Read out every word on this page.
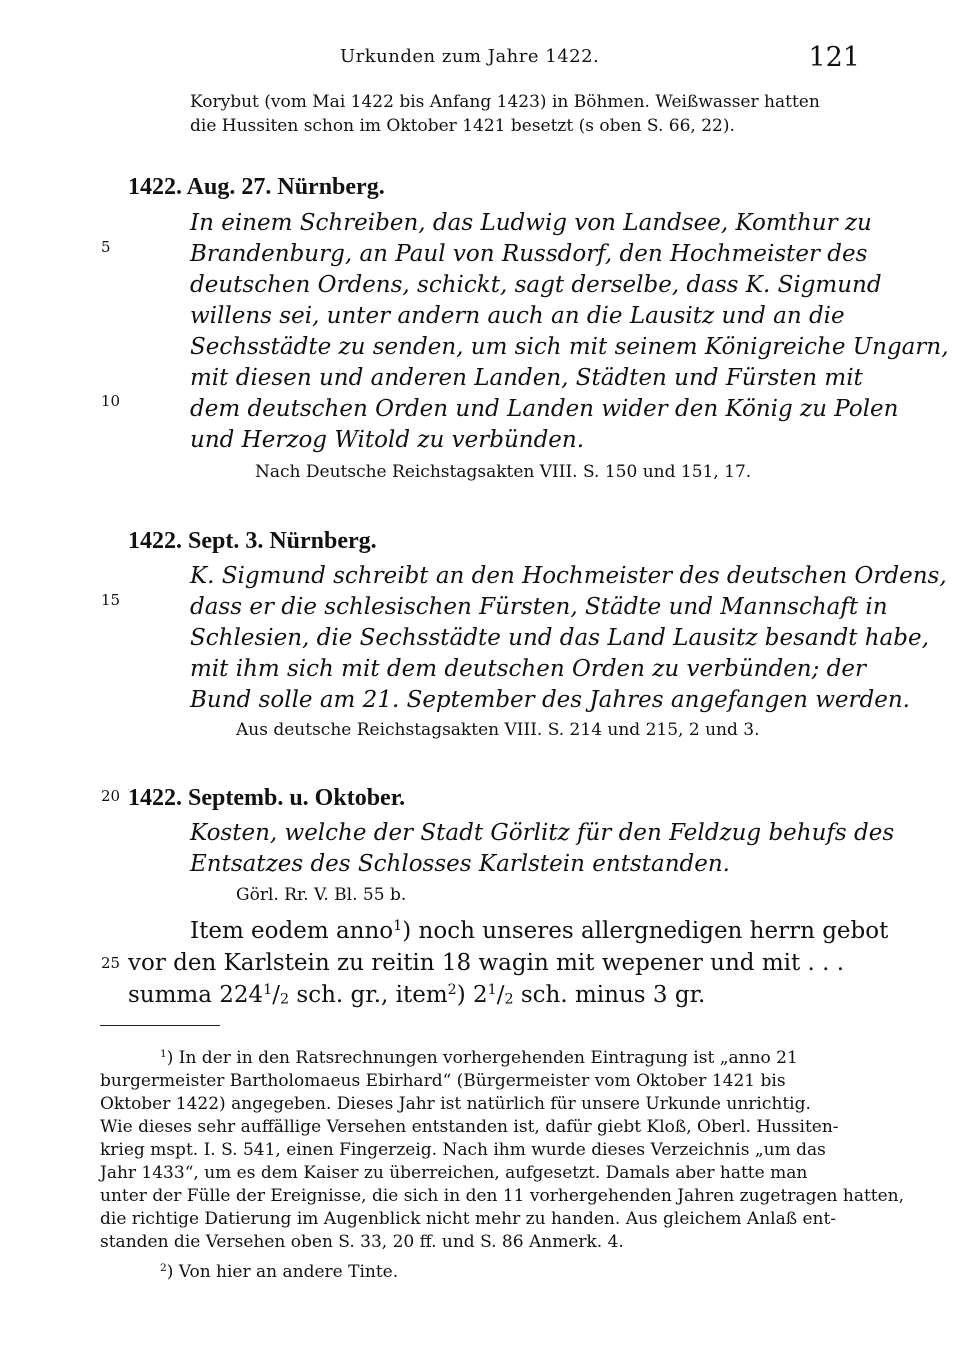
Urkunden zum Jahre 1422.	121
Korybut (vom Mai 1422 bis Anfang 1423) in Böhmen. Weißwasser hatten
die Hussiten schon im Oktober 1421 besetzt (s oben S. 66, 22).
5
10
15
20
25
1422. Aug. 27. Nürnberg.
In einem Schreiben, das Ludwig von Landsee, Komthur zu
Brandenburg, an Paul von Russdorf, den Hochmeister des
deutschen Ordens, schickt, sagt derselbe, dass K. Sigmund
willens sei, unter andern auch an die Lausitz und an die
Sechsstädte zu senden, um sich mit seinem Königreiche Ungarn,
mit diesen und anderen Landen, Städten und Fürsten mit
dem deutschen Orden und Landen wider den König zu Polen
und Herzog Witold zu verbünden.
Nach Deutsche Reichstagsakten VIII. S. 150 und 151, 17.
1422. Sept. 3. Nürnberg.
K. Sigmund schreibt an den Hochmeister des deutschen Ordens,
dass er die schlesischen Fürsten, Städte und Mannschaft in
Schlesien, die Sechsstädte und das Land Lausitz besandt habe,
mit ihm sich mit dem deutschen Orden zu verbünden; der
Bund solle am 21. September des Jahres angefangen werden.
Aus deutsche Reichstagsakten VIII. S. 214 und 215, 2 und 3.
1422. Septemb. u. Oktober.
Kosten, welche der Stadt Görlitz für den Feldzug behufs des
Entsatzes des Schlosses Karlstein entstanden.
Görl. Rr. V. Bl. 55 b.
Item eodem anno$^1$) noch unseres allergnedigen herrn gebot
vor den Karlstein zu reitin 18 wagin mit wepener und mit . . .
summa $224^1/_2$ sch. gr., item$^2$) $2^1/_2$ sch. minus 3 gr.
$^1$) In der in den Ratsrechnungen vorhergehenden Eintragung ist „anno 21
burgermeister Bartholomaeus Ebirhard“ (Bürgermeister vom Oktober 1421 bis
Oktober 1422) angegeben. Dieses Jahr ist natürlich für unsere Urkunde unrichtig.
Wie dieses sehr auffällige Versehen entstanden ist, dafür giebt Kloß, Oberl. Hussiten-
krieg mspt. I. S. 541, einen Fingerzeig. Nach ihm wurde dieses Verzeichnis „um das
Jahr 1433“, um es dem Kaiser zu überreichen, aufgesetzt. Damals aber hatte man
unter der Fülle der Ereignisse, die sich in den 11 vorhergehenden Jahren zugetragen hatten,
die richtige Datierung im Augenblick nicht mehr zu handen. Aus gleichem Anlaß ent-
standen die Versehen oben S. 33, 20 ff. und S. 86 Anmerk. 4.
$^2$) Von hier an andere Tinte.
